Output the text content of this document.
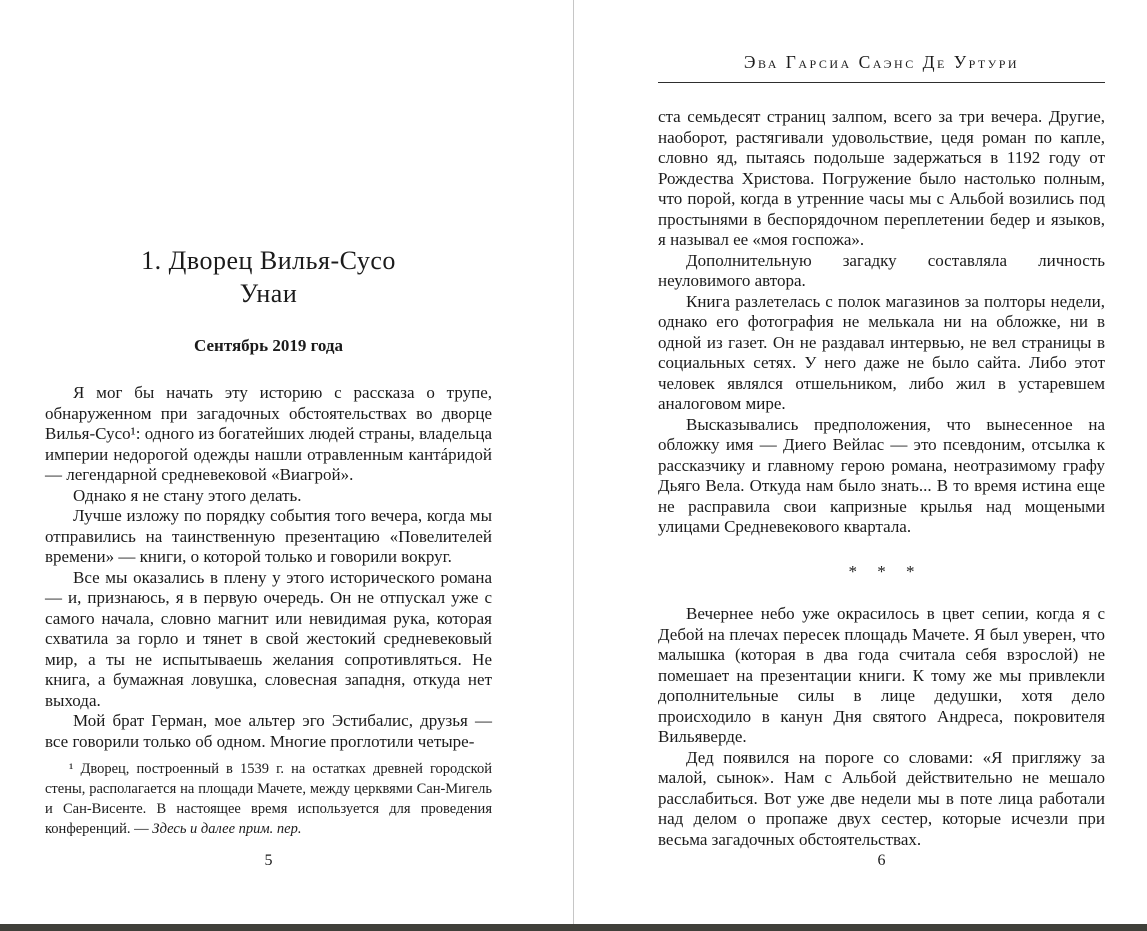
1. Дворец Вилья-Сусо
Унаи
Сентябрь 2019 года

Я мог бы начать эту историю с рассказа о трупе, обнаруженном при загадочных обстоятельствах во дворце Вилья-Сусо¹: одного из богатейших людей страны, владельца империи недорогой одежды нашли отравленным кантáридой — легендарной средневековой «Виагрой».

Однако я не стану этого делать.

Лучше изложу по порядку события того вечера, когда мы отправились на таинственную презентацию «Повелителей времени» — книги, о которой только и говорили вокруг.

Все мы оказались в плену у этого исторического романа — и, признаюсь, я в первую очередь. Он не отпускал уже с самого начала, словно магнит или невидимая рука, которая схватила за горло и тянет в свой жестокий средневековый мир, а ты не испытываешь желания сопротивляться. Не книга, а бумажная ловушка, словесная западня, откуда нет выхода.

Мой брат Герман, мое альтер эго Эстибалис, друзья — все говорили только об одном. Многие проглотили четыре-

¹ Дворец, построенный в 1539 г. на остатках древней городской стены, располагается на площади Мачете, между церквями Сан-Мигель и Сан-Висенте. В настоящее время используется для проведения конференций. — Здесь и далее прим. пер.

5
Эва Гарсиа Саэнс Де Уртури

ста семьдесят страниц залпом, всего за три вечера. Другие, наоборот, растягивали удовольствие, цедя роман по капле, словно яд, пытаясь подольше задержаться в 1192 году от Рождества Христова. Погружение было настолько полным, что порой, когда в утренние часы мы с Альбой возились под простынями в беспорядочном переплетении бедер и языков, я называл ее «моя госпожа».

Дополнительную загадку составляла личность неуловимого автора.

Книга разлетелась с полок магазинов за полторы недели, однако его фотография не мелькала ни на обложке, ни в одной из газет. Он не раздавал интервью, не вел страницы в социальных сетях. У него даже не было сайта. Либо этот человек являлся отшельником, либо жил в устаревшем аналоговом мире.

Высказывались предположения, что вынесенное на обложку имя — Диего Вейлас — это псевдоним, отсылка к рассказчику и главному герою романа, неотразимому графу Дьяго Вела. Откуда нам было знать... В то время истина еще не расправила свои капризные крылья над мощеными улицами Средневекового квартала.

* * *

Вечернее небо уже окрасилось в цвет сепии, когда я с Дебой на плечах пересек площадь Мачете. Я был уверен, что малышка (которая в два года считала себя взрослой) не помешает на презентации книги. К тому же мы привлекли дополнительные силы в лице дедушки, хотя дело происходило в канун Дня святого Андреса, покровителя Вильяверде.

Дед появился на пороге со словами: «Я пригляжу за малой, сынок». Нам с Альбой действительно не мешало расслабиться. Вот уже две недели мы в поте лица работали над делом о пропаже двух сестер, которые исчезли при весьма загадочных обстоятельствах.

6
